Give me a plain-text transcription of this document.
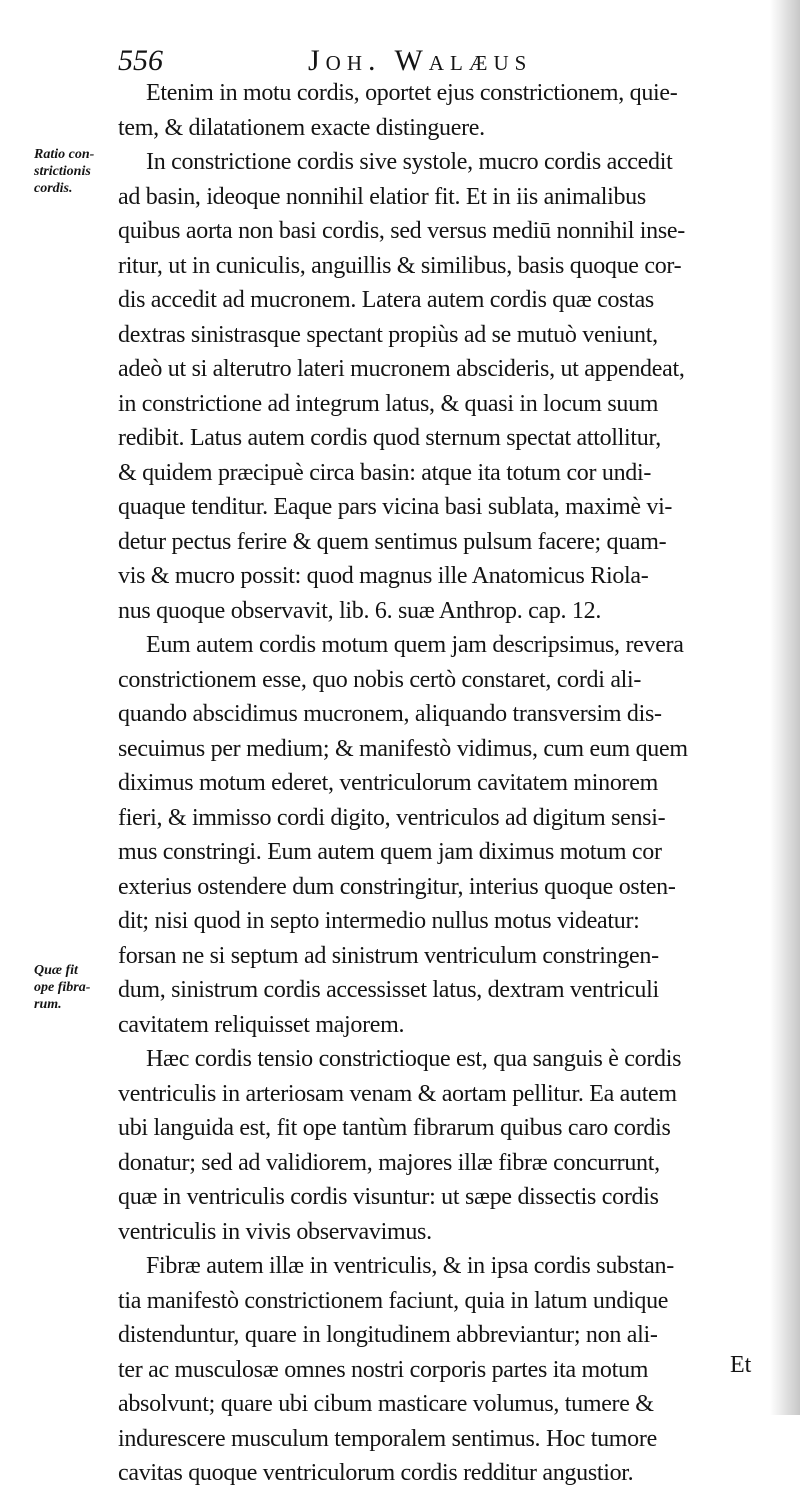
556	Joh. Walæus
Ratio con-
strictionis
cordis.
Quæ fit
ope fibra-
rum.
Etenim in motu cordis, oportet ejus constrictionem, quie-
tem, & dilatationem exacte distinguere.
In constrictione cordis sive systole, mucro cordis accedit
ad basin, ideoque nonnihil elatior fit. Et in iis animalibus
quibus aorta non basi cordis, sed versus mediū nonnihil inse-
ritur, ut in cuniculis, anguillis & similibus, basis quoque cor-
dis accedit ad mucronem. Latera autem cordis quæ costas
dextras sinistrasque spectant propiùs ad se mutuò veniunt,
adeò ut si alterutro lateri mucronem abscideris, ut appendeat,
in constrictione ad integrum latus, & quasi in locum suum
redibit. Latus autem cordis quod sternum spectat attollitur,
& quidem præcipuè circa basin: atque ita totum cor undi-
quaque tenditur. Eaque pars vicina basi sublata, maximè vi-
detur pectus ferire & quem sentimus pulsum facere; quam-
vis & mucro possit: quod magnus ille Anatomicus Riola-
nus quoque observavit, lib. 6. suæ Anthrop. cap. 12.
Eum autem cordis motum quem jam descripsimus, revera
constrictionem esse, quo nobis certò constaret, cordi ali-
quando abscidimus mucronem, aliquando transversim dis-
secuimus per medium; & manifestò vidimus, cum eum quem
diximus motum ederet, ventriculorum cavitatem minorem
fieri, & immisso cordi digito, ventriculos ad digitum sensi-
mus constringi. Eum autem quem jam diximus motum cor
exterius ostendere dum constringitur, interius quoque osten-
dit; nisi quod in septo intermedio nullus motus videatur:
forsan ne si septum ad sinistrum ventriculum constringen-
dum, sinistrum cordis accessisset latus, dextram ventriculi
cavitatem reliquisset majorem.
Hæc cordis tensio constrictioque est, qua sanguis è cordis
ventriculis in arteriosam venam & aortam pellitur. Ea autem
ubi languida est, fit ope tantùm fibrarum quibus caro cordis
donatur; sed ad validiorem, majores illæ fibræ concurrunt,
quæ in ventriculis cordis visuntur: ut sæpe dissectis cordis
ventriculis in vivis observavimus.
Fibræ autem illæ in ventriculis, & in ipsa cordis substan-
tia manifestò constrictionem faciunt, quia in latum undique
distenduntur, quare in longitudinem abbreviantur; non ali-
ter ac musculosæ omnes nostri corporis partes ita motum
absolvunt; quare ubi cibum masticare volumus, tumere &
indurescere musculum temporalem sentimus. Hoc tumore
cavitas quoque ventriculorum cordis redditur angustior.
Et
